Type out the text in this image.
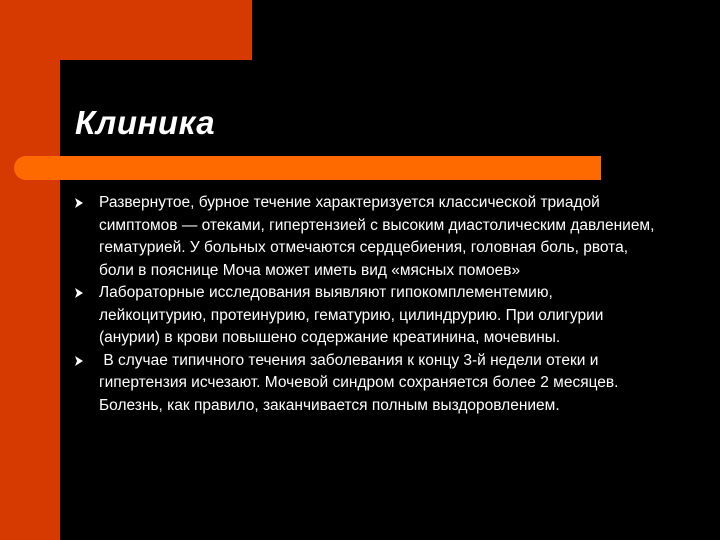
Клиника
Развернутое, бурное течение характеризуется классической триадой симптомов — отеками, гипертензией с высоким диастолическим давлением, гематурией. У больных отмечаются сердцебиения, головная боль, рвота, боли в пояснице Моча может иметь вид «мясных помоев»
Лабораторные исследования выявляют гипокомплементемию, лейкоцитурию, протеинурию, гематурию, цилиндрурию. При олигурии (анурии) в крови повышено содержание креатинина, мочевины.
В случае типичного течения заболевания к концу 3-й недели отеки и гипертензия исчезают. Мочевой синдром сохраняется более 2 месяцев. Болезнь, как правило, заканчивается полным выздоровлением.
